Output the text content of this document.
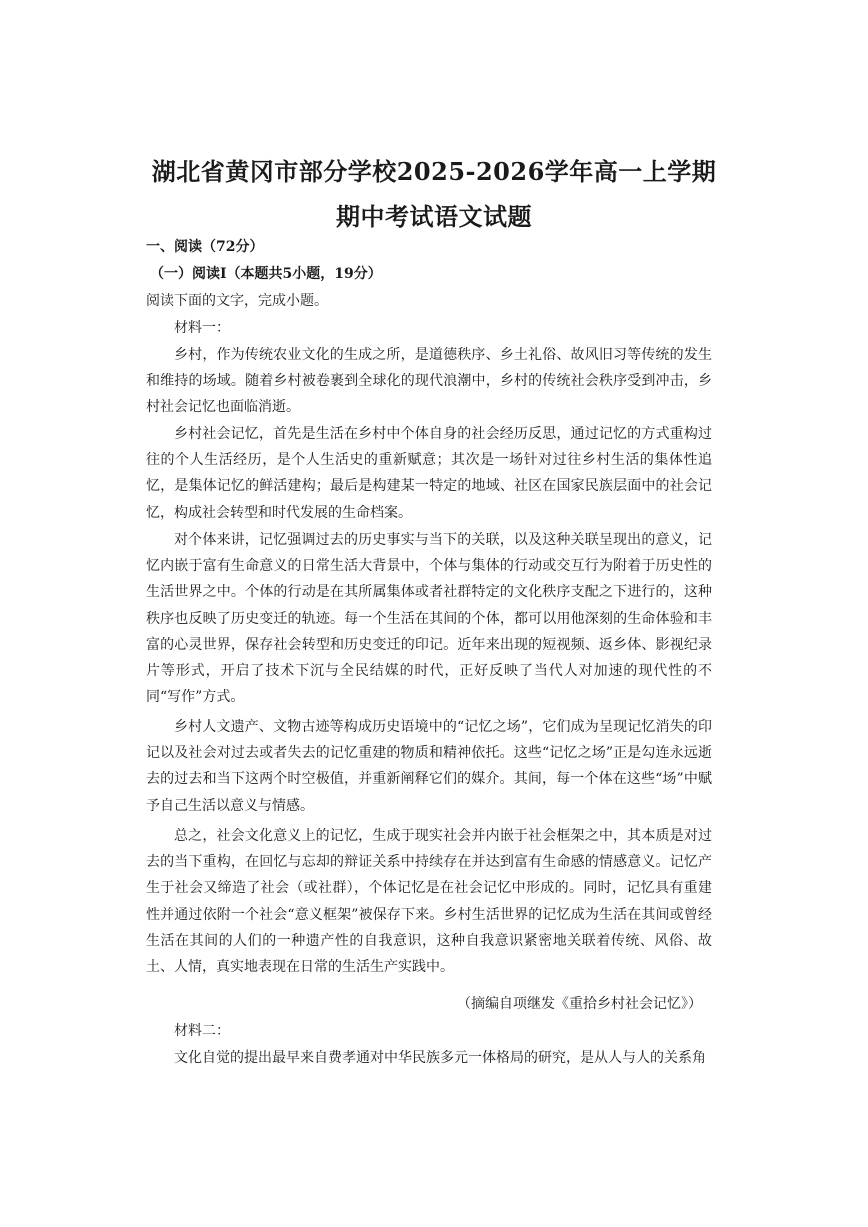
湖北省黄冈市部分学校2025-2026学年高一上学期
期中考试语文试题
一、阅读（72分）
（一）阅读Ⅰ（本题共5小题，19分）
阅读下面的文字，完成小题。
材料一：

乡村，作为传统农业文化的生成之所，是道德秩序、乡土礼俗、故风旧习等传统的发生和维持的场域。随着乡村被卷裹到全球化的现代浪潮中，乡村的传统社会秩序受到冲击，乡村社会记忆也面临消逝。

乡村社会记忆，首先是生活在乡村中个体自身的社会经历反思，通过记忆的方式重构过往的个人生活经历，是个人生活史的重新赋意；其次是一场针对过往乡村生活的集体性追忆，是集体记忆的鲜活建构；最后是构建某一特定的地域、社区在国家民族层面中的社会记忆，构成社会转型和时代发展的生命档案。

对个体来讲，记忆强调过去的历史事实与当下的关联，以及这种关联呈现出的意义，记忆内嵌于富有生命意义的日常生活大背景中，个体与集体的行动或交互行为附着于历史性的生活世界之中。个体的行动是在其所属集体或者社群特定的文化秩序支配之下进行的，这种秩序也反映了历史变迁的轨迹。每一个生活在其间的个体，都可以用他深刻的生命体验和丰富的心灵世界，保存社会转型和历史变迁的印记。近年来出现的短视频、返乡体、影视纪录片等形式，开启了技术下沉与全民结媒的时代，正好反映了当代人对加速的现代性的不同“写作”方式。

乡村人文遗产、文物古迹等构成历史语境中的“记忆之场”，它们成为呈现记忆消失的印记以及社会对过去或者失去的记忆重建的物质和精神依托。这些“记忆之场”正是勾连永远逝去的过去和当下这两个时空极值，并重新阐释它们的媒介。其间，每一个体在这些“场”中赋予自己生活以意义与情感。

总之，社会文化意义上的记忆，生成于现实社会并内嵌于社会框架之中，其本质是对过去的当下重构，在回忆与忘却的辩证关系中持续存在并达到富有生命感的情感意义。记忆产生于社会又缔造了社会（或社群），个体记忆是在社会记忆中形成的。同时，记忆具有重建性并通过依附一个社会“意义框架”被保存下来。乡村生活世界的记忆成为生活在其间或曾经生活在其间的人们的一种遗产性的自我意识，这种自我意识紧密地关联着传统、风俗、故土、人情，真实地表现在日常的生活生产实践中。

（摘编自项继发《重拾乡村社会记忆》）
材料二：

文化自觉的提出最早来自费孝通对中华民族多元一体格局的研究，是从人与人的关系角
